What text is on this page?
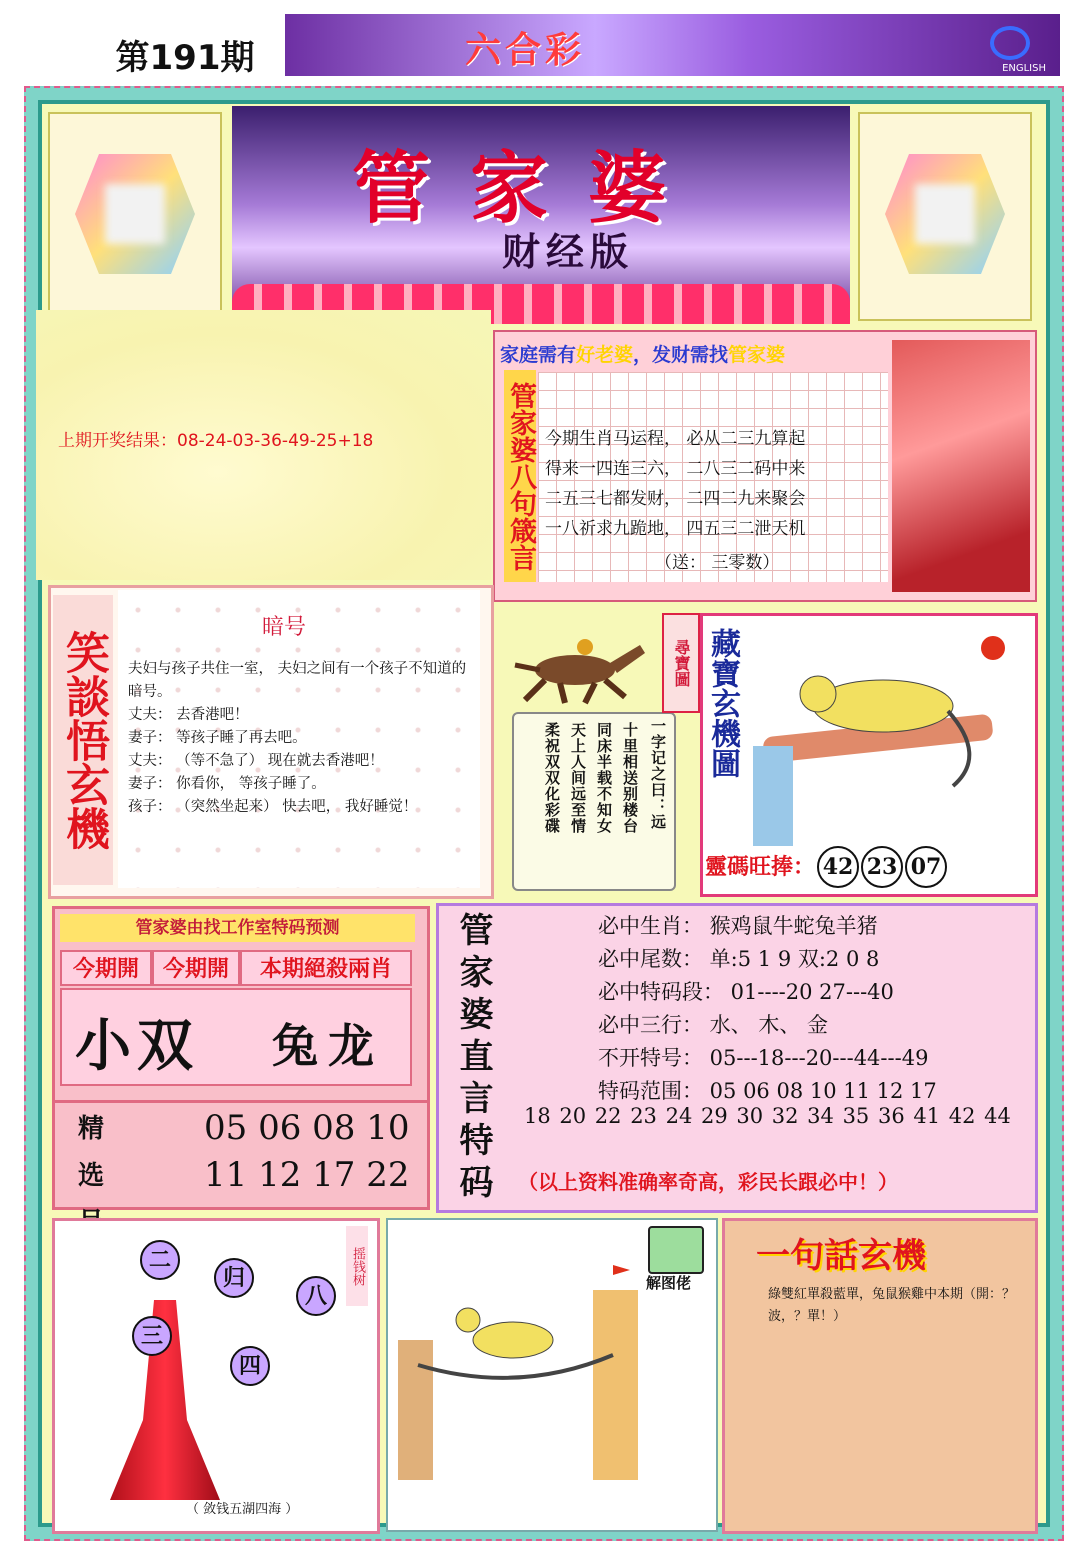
第191期	六合彩	ENGLISH
管家婆
财经版
上期开奖结果：08-24-03-36-49-25+18
家庭需有好老婆，发财需找管家婆
管家婆八句箴言 今期生肖马运程， 必从二三九算起
得来一四连三六， 二八三二码中来
二五三七都发财， 二四二九来聚会
一八祈求九跪地， 四五三二泄天机
（送： 三零数）
笑談悟玄機
暗号
夫妇与孩子共住一室， 夫妇之间有一个孩子不知道的暗号。
丈夫： 去香港吧！
妻子： 等孩子睡了再去吧。
丈夫： （等不急了） 现在就去香港吧！
妻子： 你看你， 等孩子睡了。
孩子： （突然坐起来） 快去吧， 我好睡觉！	一字记之曰：远
十里相送别楼台
同床半载不知女
天上人间远至情
柔祝双双化彩碟
尋寶圖 藏寶玄機圖
靈碼旺捧： 42 23 07
管家婆由找工作室特码预测
今期開	今期開	本期絕殺兩肖
小双 兔龙
精选
05 06 08 10
11 12 17 22 管家婆直言特码	必中生肖： 猴鸡鼠牛蛇兔羊猪
必中尾数： 单:5 1 9 双:2 0 8
必中特码段： 01----20 27---40
必中三行： 水、 木、 金
不开特号： 05---18---20---44---49
特码范围： 05 06 08 10 11 12 17
18 20 22 23 24 29 30 32 34 35 36 41 42 44
（以上资料准确率奇高，彩民长跟必中！）
摇钱树
二
归
八
三
四
（ 敛钱五湖四海 ）
解图佬
一句話玄機
綠雙紅單殺藍單，兔鼠猴雞中本期（開：？波，？單！）
